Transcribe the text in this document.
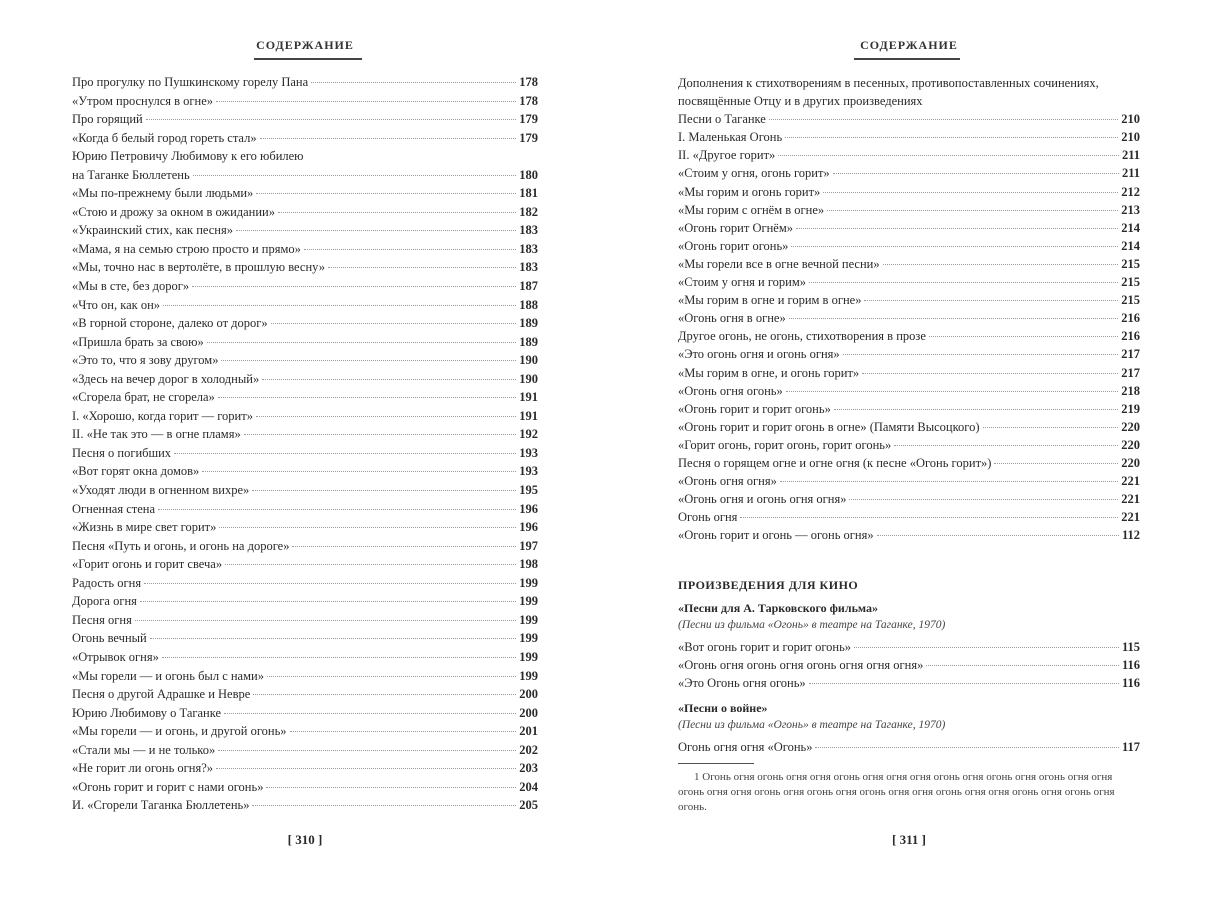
СОДЕРЖАНИЕ
Про прогулку по Пушкинскому горелу Пана	178
«Утром проснулся в огне»	178
Про горящий	179
«Когда б белый город гореть стал»	179
Юрию Петровичу Любимову к его юбилею
на Таганке Бюллетень	180
«Мы по-прежнему были людьми»	181
«Стою и дрожу за окном в ожидании»	182
«Украинский стих, как песня»	183
«Мама, я на семью строю просто и прямо»	183
«Мы, точно нас в вертолёте, в прошлую весну»	183
«Мы в сте, без дорог»	187
«Что он, как он»	188
«В горной стороне, далеко от дорог»	189
«Пришла брать за свою»	189
«Это то, что я зову другом»	190
«Здесь на вечер дорог в холодный»	190
«Сгорела брат, не сгорела»	191
I. «Хорошо, когда горит — горит»	191
II. «Не так это — в огне пламя»	192
Песня о погибших	193
«Вот горят окна домов»	193
«Уходят люди в огненном вихре»	195
Огненная стена	196
«Жизнь в мире свет горит»	196
Песня «Путь и огонь, и огонь на дороге»	197
«Горит огонь и горит свеча»	198
Радость огня	199
Дорога огня	199
Песня огня	199
Огонь вечный	199
«Отрывок огня»	199
«Мы горели — и огонь был с нами»	199
Песня о другой Адрашке и Невре	200
Юрию Любимову о Таганке	200
«Мы горели — и огонь, и другой огонь»	201
«Стали мы — и не только»	202
«Не горит ли огонь огня?»	203
«Огонь горит и горит с нами огонь»	204
И. «Сгорели Таганка Бюллетень»	205
[ 310 ]
СОДЕРЖАНИЕ
Дополнения к стихотворениям в песенных, противопоставленных сочинениях,
посвящённые Отцу и в других произведениях
Песни о Таганке	210
I. Маленькая Огонь	210
II. «Другое горит»	211
«Стоим у огня, огонь горит»	211
«Мы горим и огонь горит»	212
«Мы горим с огнём в огне»	213
«Огонь горит Огнём»	214
«Огонь горит огонь»	214
«Мы горели все в огне вечной песни»	215
«Стоим у огня и горим»	215
«Мы горим в огне и горим в огне»	215
«Огонь огня в огне»	216
Другое огонь, не огонь, стихотворения в прозе	216
«Это огонь огня и огонь огня»	217
«Мы горим в огне, и огонь горит»	217
«Огонь огня огонь»	218
«Огонь горит и горит огонь»	219
«Огонь горит и горит огонь в огне» (Памяти Высоцкого)	220
«Горит огонь, горит огонь, горит огонь»	220
Песня о горящем огне и огне огня (к песне «Огонь горит»)	220
«Огонь огня огня»	221
«Огонь огня и огонь огня огня»	221
Огонь огня	221
«Огонь горит и огонь — огонь огня»	112
ПРОИЗВЕДЕНИЯ ДЛЯ КИНО
«Песни для А. Тарковского фильма»
(Песни из фильма «Огонь» в театре на Таганке, 1970)
«Вот огонь горит и горит огонь»	115
«Огонь огня огонь огня огонь огня огня огня»	116
«Это Огонь огня огонь»	116
«Песни о войне»
(Песни из фильма «Огонь» в театре на Таганке, 1970)
Огонь огня огня «Огонь»	117
1 Огонь огня огонь огня огня огонь огня огня огня огонь огня огонь огня огонь огня огня огонь огня огня огонь огня огонь огня огонь огня огня огонь огня огня огонь огня огонь огня огонь.
[ 311 ]
